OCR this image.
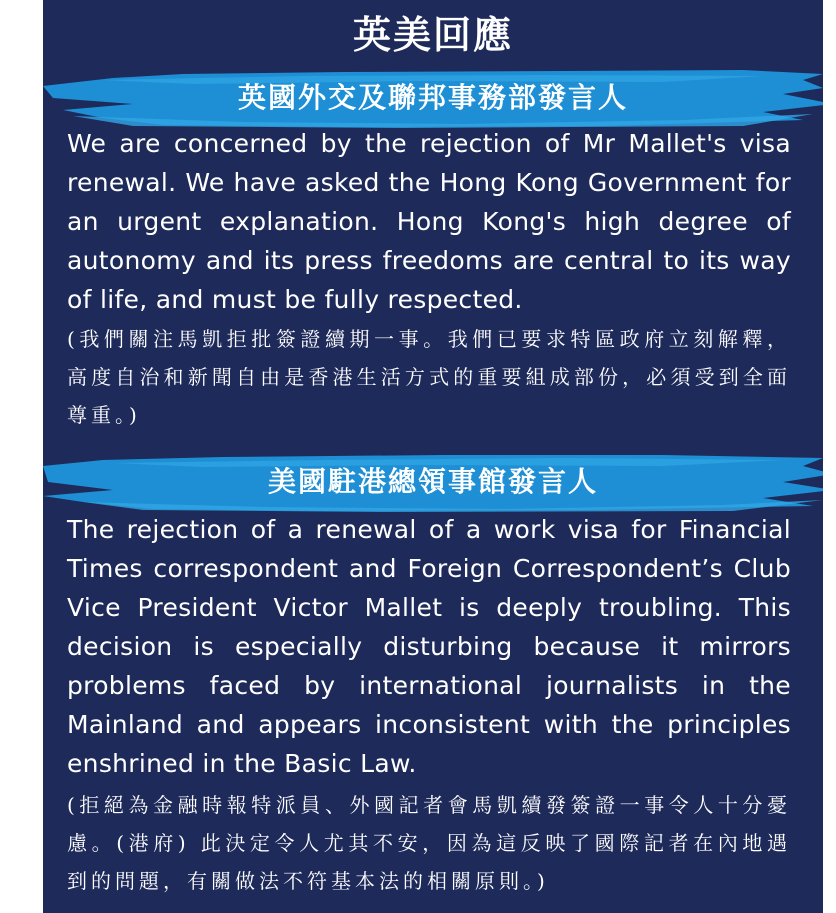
英美回應
英國外交及聯邦事務部發言人
We are concerned by the rejection of Mr Mallet's visa renewal. We have asked the Hong Kong Government for an urgent explanation. Hong Kong's high degree of autonomy and its press freedoms are central to its way of life, and must be fully respected.
(我們關注馬凱拒批簽證續期一事。我們已要求特區政府立刻解釋，高度自治和新聞自由是香港生活方式的重要組成部份，必須受到全面尊重。)
美國駐港總領事館發言人
The rejection of a renewal of a work visa for Financial Times correspondent and Foreign Correspondent’s Club Vice President Victor Mallet is deeply troubling. This decision is especially disturbing because it mirrors problems faced by international journalists in the Mainland and appears inconsistent with the principles enshrined in the Basic Law.
(拒絕為金融時報特派員、外國記者會馬凱續發簽證一事令人十分憂慮。(港府) 此決定令人尤其不安，因為這反映了國際記者在內地遇到的問題，有關做法不符基本法的相關原則。)
